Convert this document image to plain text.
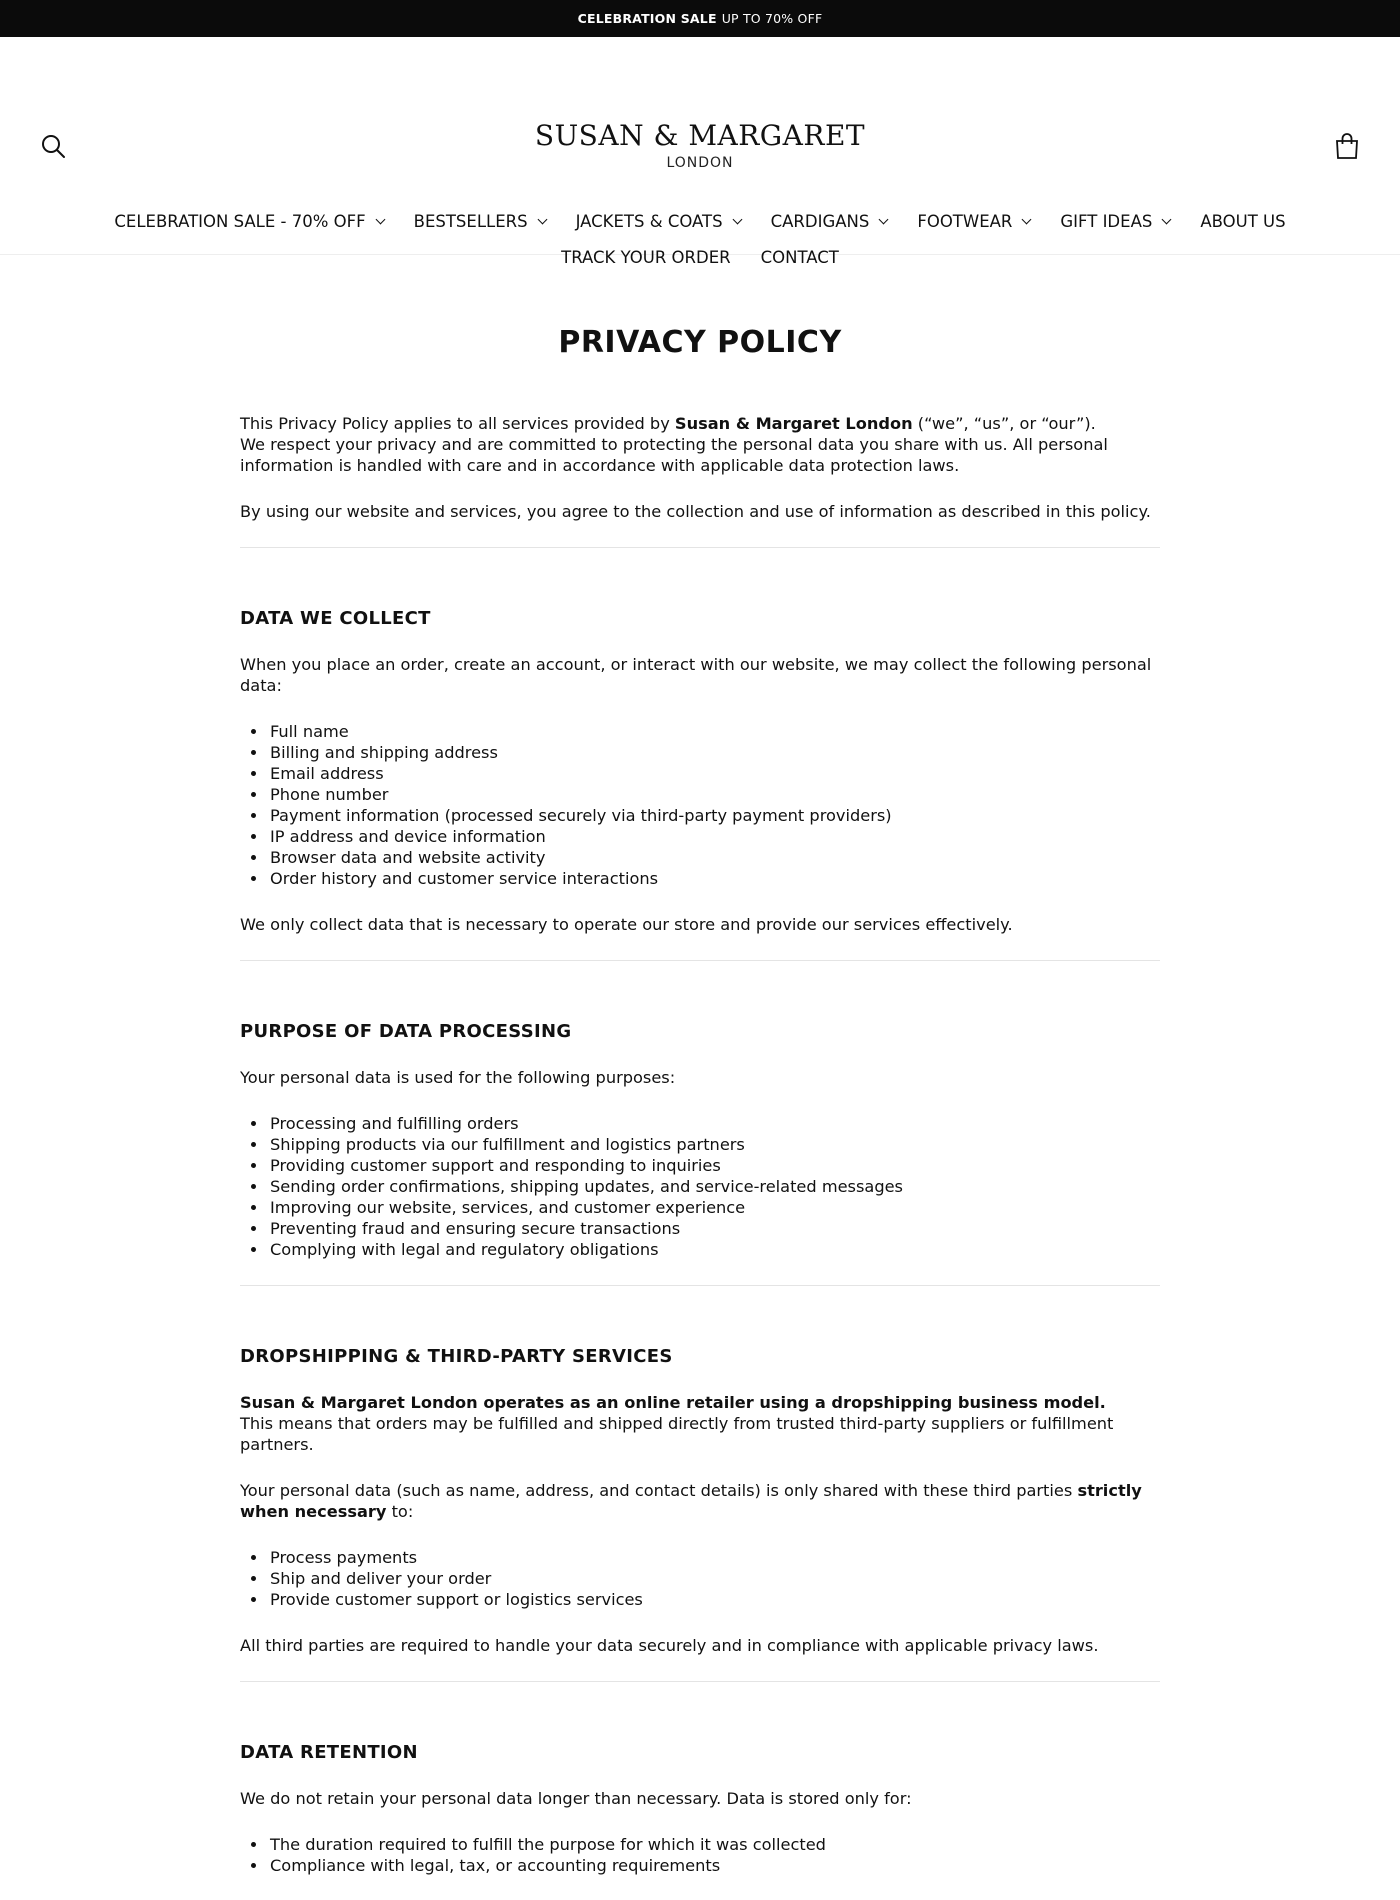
CELEBRATION SALE UP TO 70% OFF
SUSAN & MARGARET
LONDON
CELEBRATION SALE - 70% OFF	BESTSELLERS	JACKETS & COATS	CARDIGANS	FOOTWEAR	GIFT IDEAS	ABOUT US
TRACK YOUR ORDER CONTACT
PRIVACY POLICY

This Privacy Policy applies to all services provided by Susan & Margaret London (“we”, “us”, or “our”).
We respect your privacy and are committed to protecting the personal data you share with us. All personal information is handled with care and in accordance with applicable data protection laws.

By using our website and services, you agree to the collection and use of information as described in this policy.

DATA WE COLLECT

When you place an order, create an account, or interact with our website, we may collect the following personal data:

Full name
Billing and shipping address
Email address
Phone number
Payment information (processed securely via third-party payment providers)
IP address and device information
Browser data and website activity
Order history and customer service interactions

We only collect data that is necessary to operate our store and provide our services effectively.

PURPOSE OF DATA PROCESSING

Your personal data is used for the following purposes:

Processing and fulfilling orders
Shipping products via our fulfillment and logistics partners
Providing customer support and responding to inquiries
Sending order confirmations, shipping updates, and service-related messages
Improving our website, services, and customer experience
Preventing fraud and ensuring secure transactions
Complying with legal and regulatory obligations
DROPSHIPPING & THIRD-PARTY SERVICES

Susan & Margaret London operates as an online retailer using a dropshipping business model.
This means that orders may be fulfilled and shipped directly from trusted third-party suppliers or fulfillment partners.

Your personal data (such as name, address, and contact details) is only shared with these third parties strictly when necessary to:

Process payments
Ship and deliver your order
Provide customer support or logistics services

All third parties are required to handle your data securely and in compliance with applicable privacy laws.

DATA RETENTION

We do not retain your personal data longer than necessary. Data is stored only for:

The duration required to fulfill the purpose for which it was collected
Compliance with legal, tax, or accounting requirements
